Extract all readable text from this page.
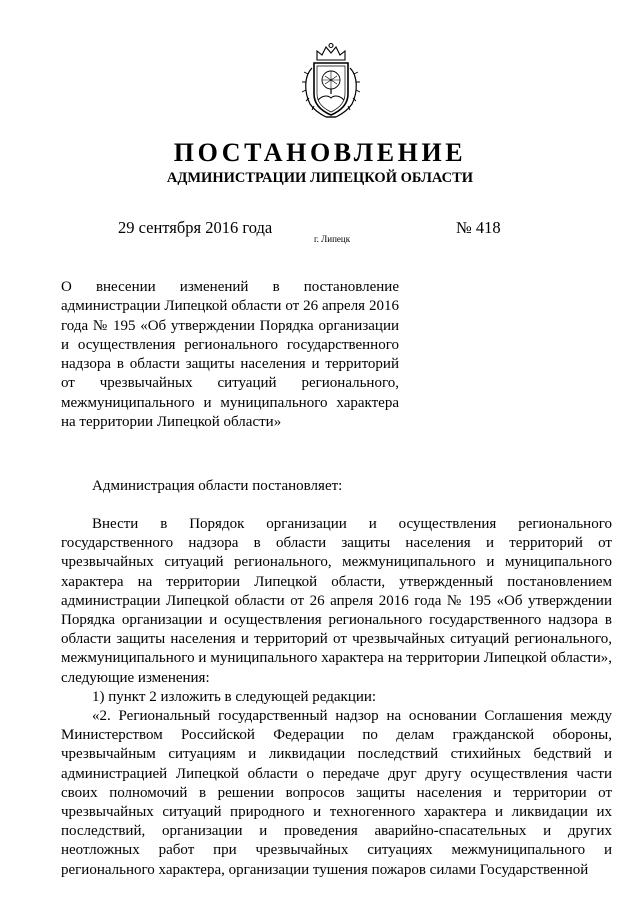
ПОСТАНОВЛЕНИЕ
АДМИНИСТРАЦИИ ЛИПЕЦКОЙ ОБЛАСТИ
29 сентября 2016 года
г. Липецк
№ 418

О внесении изменений в постановление администрации Липецкой области от 26 апреля 2016 года № 195 «Об утверждении Порядка организации и осуществления регионального государственного надзора в области защиты населения и территорий от чрезвычайных ситуаций регионального, межмуниципального и муниципального характера на территории Липецкой области»

Администрация области постановляет:

Внести в Порядок организации и осуществления регионального государственного надзора в области защиты населения и территорий от чрезвычайных ситуаций регионального, межмуниципального и муниципального характера на территории Липецкой области, утвержденный постановлением администрации Липецкой области от 26 апреля 2016 года № 195 «Об утверждении Порядка организации и осуществления регионального государственного надзора в области защиты населения и территорий от чрезвычайных ситуаций регионального, межмуниципального и муниципального характера на территории Липецкой области», следующие изменения:

1) пункт 2 изложить в следующей редакции:

«2. Региональный государственный надзор на основании Соглашения между Министерством Российской Федерации по делам гражданской обороны, чрезвычайным ситуациям и ликвидации последствий стихийных бедствий и администрацией Липецкой области о передаче друг другу осуществления части своих полномочий в решении вопросов защиты населения и территории от чрезвычайных ситуаций природного и техногенного характера и ликвидации их последствий, организации и проведения аварийно-спасательных и других неотложных работ при чрезвычайных ситуациях межмуниципального и регионального характера, организации тушения пожаров силами Государственной
